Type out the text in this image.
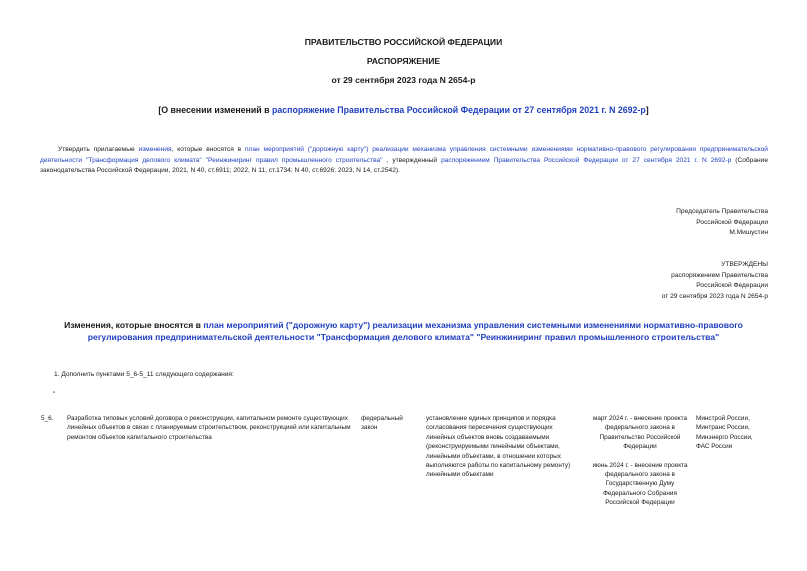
ПРАВИТЕЛЬСТВО РОССИЙСКОЙ ФЕДЕРАЦИИ
РАСПОРЯЖЕНИЕ
от 29 сентября 2023 года N 2654-р
[О внесении изменений в распоряжение Правительства Российской Федерации от 27 сентября 2021 г. N 2692-р]
Утвердить прилагаемые изменения, которые вносятся в план мероприятий ("дорожную карту") реализации механизма управления системными изменениями нормативно-правового регулирования предпринимательской деятельности "Трансформация делового климата" "Реинжиниринг правил промышленного строительства" , утвержденный распоряжением Правительства Российской Федерации от 27 сентября 2021 г. N 2692-р (Собрание законодательства Российской Федерации, 2021, N 40, ст.6911; 2022, N 11, ст.1734; N 40, ст.6926; 2023, N 14, ст.2542).
Председатель Правительства
Российской Федерации
М.Мишустин
УТВЕРЖДЕНЫ
распоряжением Правительства
Российской Федерации
от 29 сентября 2023 года N 2654-р
Изменения, которые вносятся в план мероприятий ("дорожную карту") реализации механизма управления системными изменениями нормативно-правового регулирования предпринимательской деятельности "Трансформация делового климата" "Реинжиниринг правил промышленного строительства"
1. Дополнить пунктами 5_6-5_11 следующего содержания:
"
5_6. Разработка типовых условий договора о реконструкции, капитальном ремонте существующих линейных объектов в связи с планируемым строительством, реконструкцией или капитальным ремонтом объектов капитального строительства
федеральный закон
установление единых принципов и порядка согласования пересечения существующих линейных объектов вновь создаваемыми (реконструируемыми линейными объектами, линейными объектами, в отношении которых выполняются работы по капитальному ремонту) линейными объектами
март 2024 г. - внесение проекта федерального закона в Правительство Российской Федерации
июнь 2024 г. - внесение проекта федерального закона в Государственную Думу Федерального Собрания Российской Федерации
Минстрой России, Минтранс России, Минэнерго России, ФАС России
